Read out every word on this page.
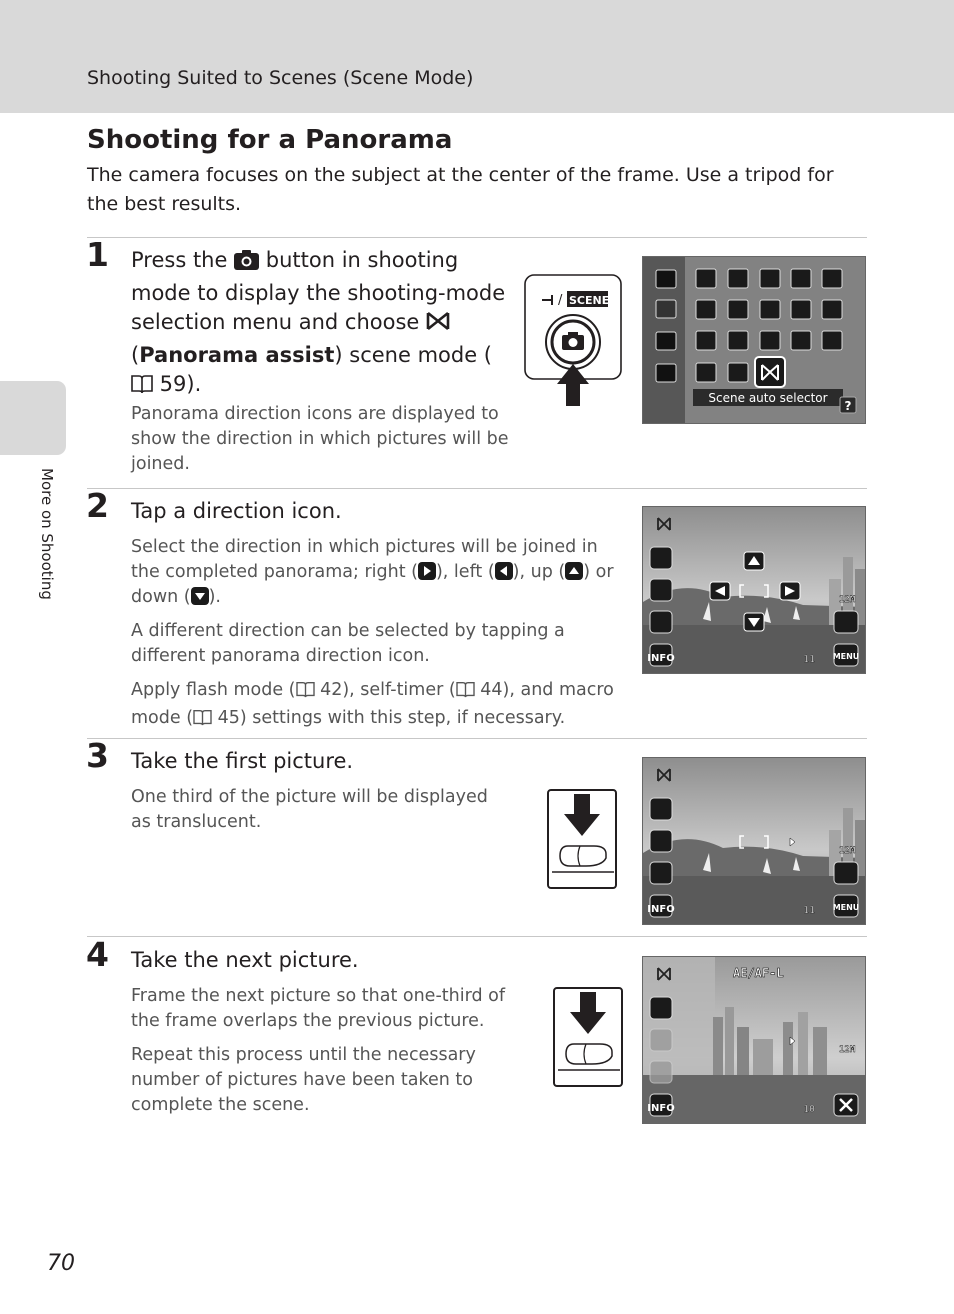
Shooting Suited to Scenes (Scene Mode)
More on Shooting
Shooting for a Panorama
The camera focuses on the subject at the center of the frame. Use a tripod for the best results.
1 Press the  button in shooting mode to display the shooting-mode selection menu and choose
(Panorama assist) scene mode ( 59).

Panorama direction icons are displayed to show the direction in which pictures will be joined.

/ SCENE
Scene auto selector
?
2 Tap a direction icon.

Select the direction in which pictures will be joined in the completed panorama; right ( ), left ( ), up ( ) or down ( ).

A different direction can be selected by tapping a different panorama direction icon.

Apply flash mode ( 42), self-timer ( 44), and macro mode ( 45) settings with this step, if necessary.

INFO	MENU
12M
11
3 Take the first picture.

One third of the picture will be displayed as translucent.

INFO	MENU
12M
11
4 Take the next picture.

Frame the next picture so that one-third of the frame overlaps the previous picture.

Repeat this process until the necessary number of pictures have been taken to complete the scene.	INFO
AE/AF-L
12M
10
70
